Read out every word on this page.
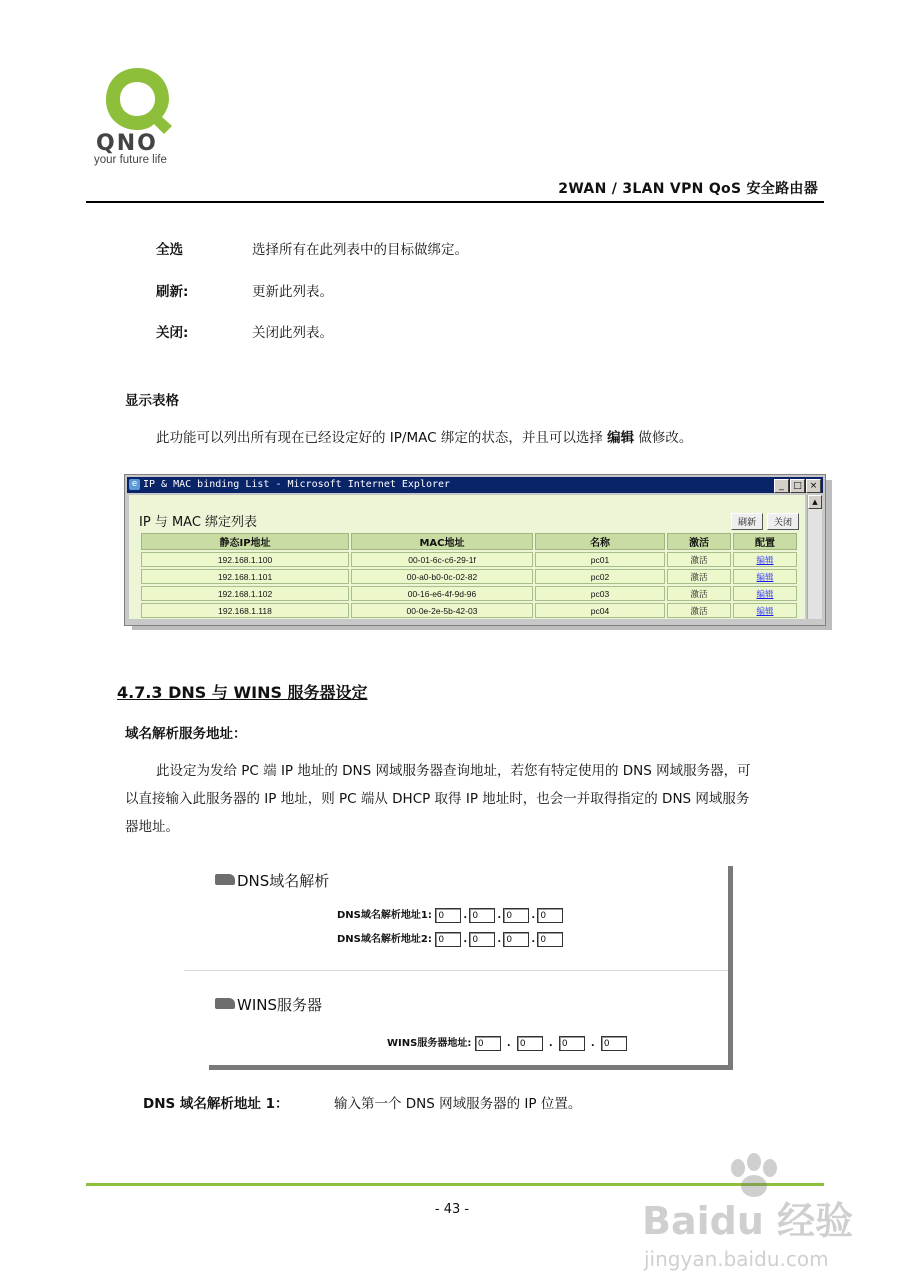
QNO
your future life
2WAN / 3LAN VPN QoS 安全路由器
全选	选择所有在此列表中的目标做绑定。
刷新:	更新此列表。
关闭:	关闭此列表。
显示表格
此功能可以列出所有现在已经设定好的 IP/MAC 绑定的状态，并且可以选择 编辑 做修改。
e IP & MAC binding List - Microsoft Internet Explorer	_ □ ×
IP 与 MAC 绑定列表	刷新 关闭
静态IP地址	MAC地址	名称	激活	配置
192.168.1.100	00-01-6c-c6-29-1f	pc01	激活	编辑
192.168.1.101	00-a0-b0-0c-02-82	pc02	激活	编辑
192.168.1.102	00-16-e6-4f-9d-96	pc03	激活	编辑
192.168.1.118	00-0e-2e-5b-42-03	pc04	激活	编辑
▲
4.7.3 DNS 与 WINS 服务器设定
域名解析服务地址：
此设定为发给 PC 端 IP 地址的 DNS 网域服务器查询地址，若您有特定使用的 DNS 网域服务器，可
以直接输入此服务器的 IP 地址，则 PC 端从 DHCP 取得 IP 地址时，也会一并取得指定的 DNS 网域服务
器地址。
DNS域名解析
DNS域名解析地址1: 0 . 0 . 0 . 0
DNS域名解析地址2: 0 . 0 . 0 . 0
WINS服务器
WINS服务器地址: 0 . 0 . 0 . 0
DNS 域名解析地址 1：	输入第一个 DNS 网域服务器的 IP 位置。
- 43 -	Baidu 经验
jingyan.baidu.com
